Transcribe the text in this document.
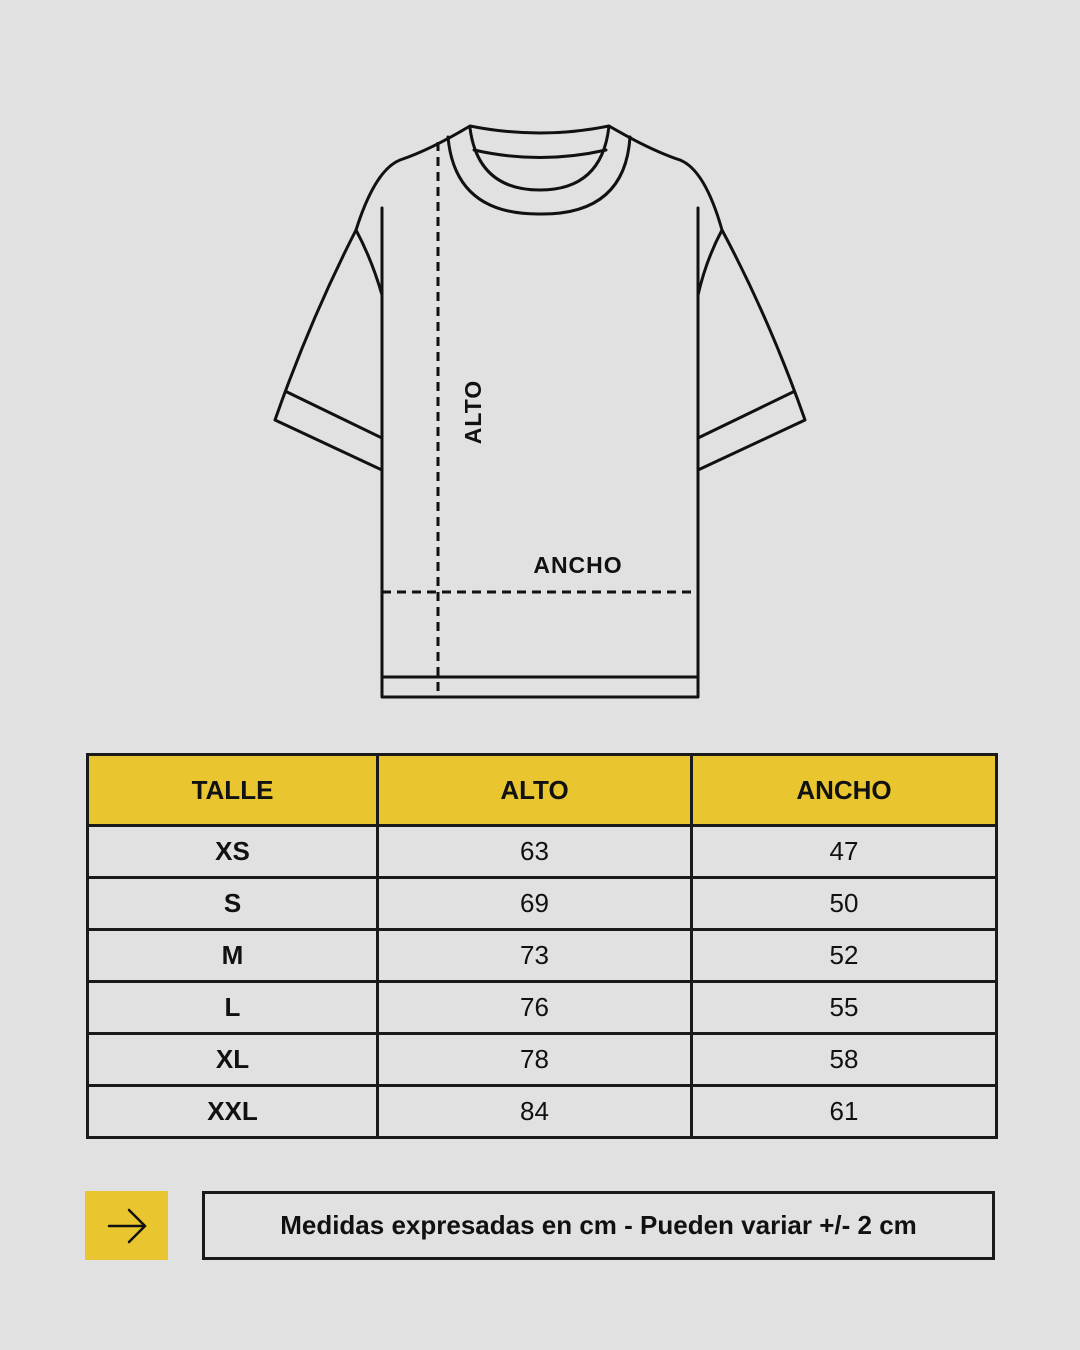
ALTO
ANCHO
TALLE	ALTO	ANCHO
XS	63	47
S	69	50
M	73	52
L	76	55
XL	78	58
XXL	84	61
Medidas expresadas en cm - Pueden variar +/- 2 cm
